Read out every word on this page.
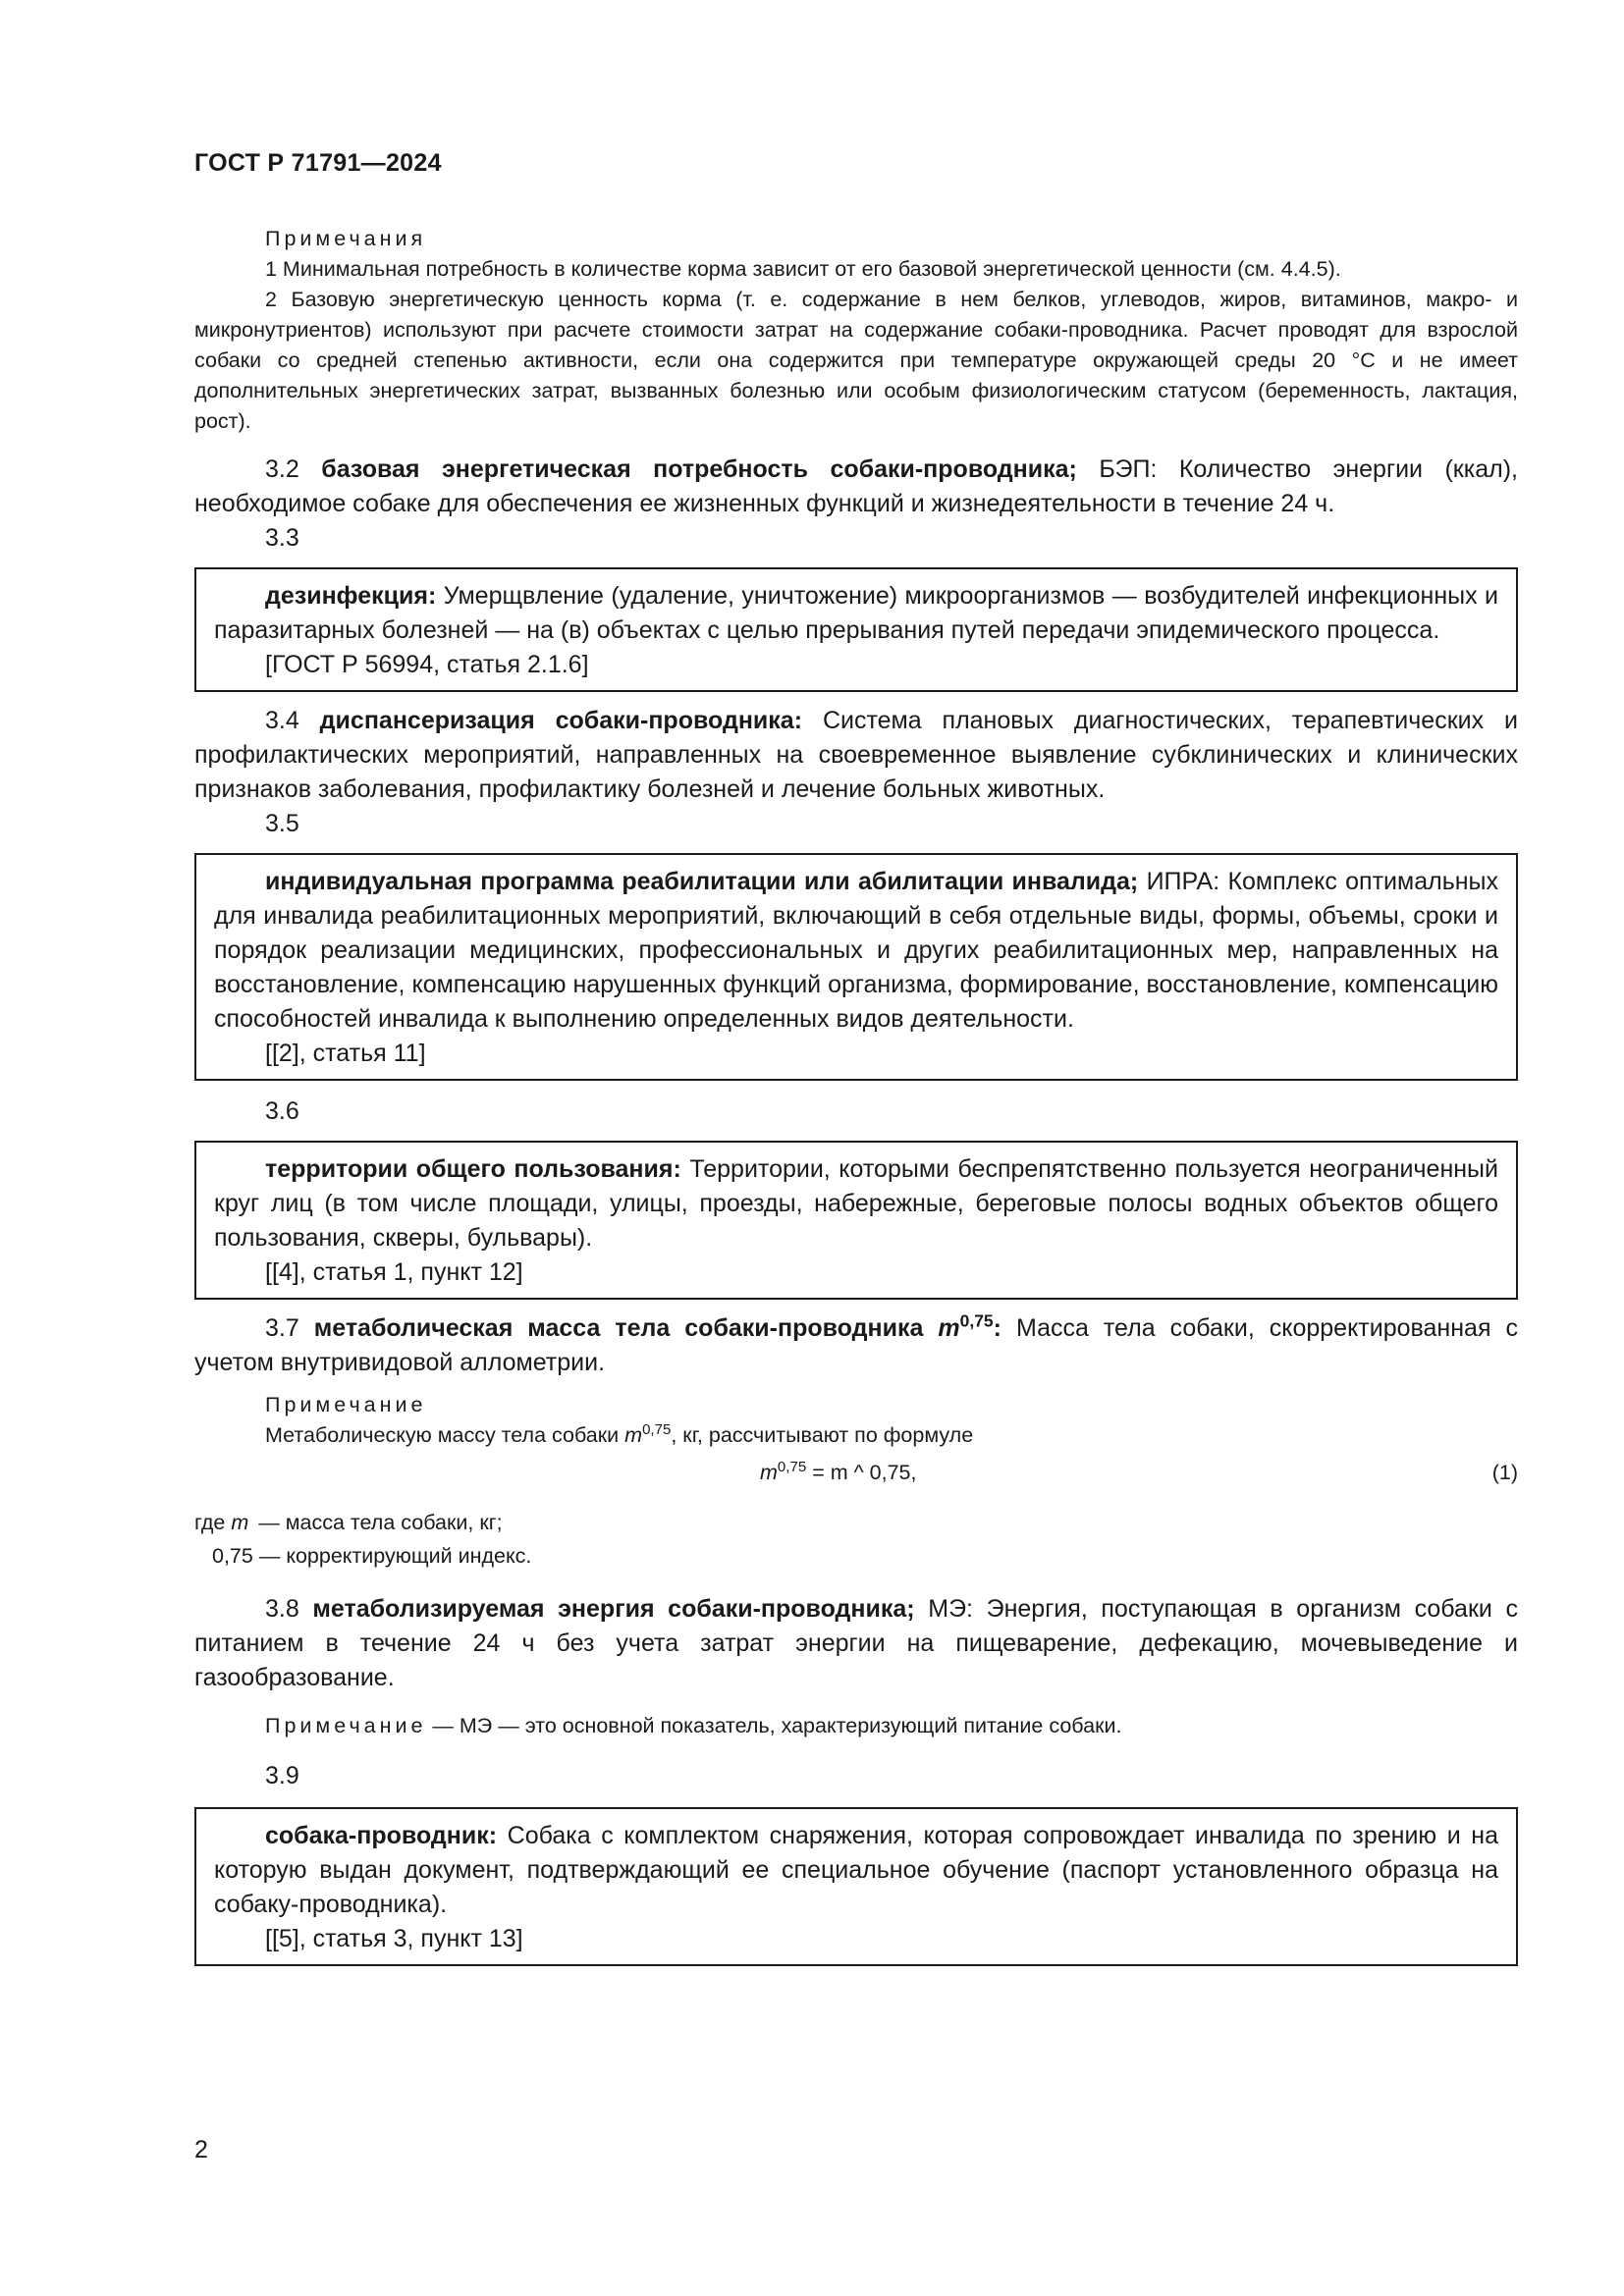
ГОСТ Р 71791—2024

Примечания

1 Минимальная потребность в количестве корма зависит от его базовой энергетической ценности (см. 4.4.5).

2 Базовую энергетическую ценность корма (т. е. содержание в нем белков, углеводов, жиров, витаминов, макро- и микронутриентов) используют при расчете стоимости затрат на содержание собаки-проводника. Расчет проводят для взрослой собаки со средней степенью активности, если она содержится при температуре окружающей среды 20 °C и не имеет дополнительных энергетических затрат, вызванных болезнью или особым физиологическим статусом (беременность, лактация, рост).

3.2 базовая энергетическая потребность собаки-проводника; БЭП: Количество энергии (ккал), необходимое собаке для обеспечения ее жизненных функций и жизнедеятельности в течение 24 ч.

3.3

дезинфекция: Умерщвление (удаление, уничтожение) микроорганизмов — возбудителей инфекционных и паразитарных болезней — на (в) объектах с целью прерывания путей передачи эпидемического процесса.

[ГОСТ Р 56994, статья 2.1.6]

3.4 диспансеризация собаки-проводника: Система плановых диагностических, терапевтических и профилактических мероприятий, направленных на своевременное выявление субклинических и клинических признаков заболевания, профилактику болезней и лечение больных животных.

3.5

индивидуальная программа реабилитации или абилитации инвалида; ИПРА: Комплекс оптимальных для инвалида реабилитационных мероприятий, включающий в себя отдельные виды, формы, объемы, сроки и порядок реализации медицинских, профессиональных и других реабилитационных мер, направленных на восстановление, компенсацию нарушенных функций организма, формирование, восстановление, компенсацию способностей инвалида к выполнению определенных видов деятельности.

[[2], статья 11]

3.6

территории общего пользования: Территории, которыми беспрепятственно пользуется неограниченный круг лиц (в том числе площади, улицы, проезды, набережные, береговые полосы водных объектов общего пользования, скверы, бульвары).

[[4], статья 1, пункт 12]

3.7 метаболическая масса тела собаки-проводника $m^{0,75}$: Масса тела собаки, скорректированная с учетом внутривидовой аллометрии.

Примечание

Метаболическую массу тела собаки $m^{0,75}$, кг, рассчитывают по формуле

$m^{0,75} = m$ ^ 0,75,	(1)

где m — масса тела собаки, кг;

0,75 — корректирующий индекс.

3.8 метаболизируемая энергия собаки-проводника; МЭ: Энергия, поступающая в организм собаки с питанием в течение 24 ч без учета затрат энергии на пищеварение, дефекацию, мочевыведение и газообразование.

Примечание — МЭ — это основной показатель, характеризующий питание собаки.

3.9

собака-проводник: Собака с комплектом снаряжения, которая сопровождает инвалида по зрению и на которую выдан документ, подтверждающий ее специальное обучение (паспорт установленного образца на собаку-проводника).

[[5], статья 3, пункт 13]

2
